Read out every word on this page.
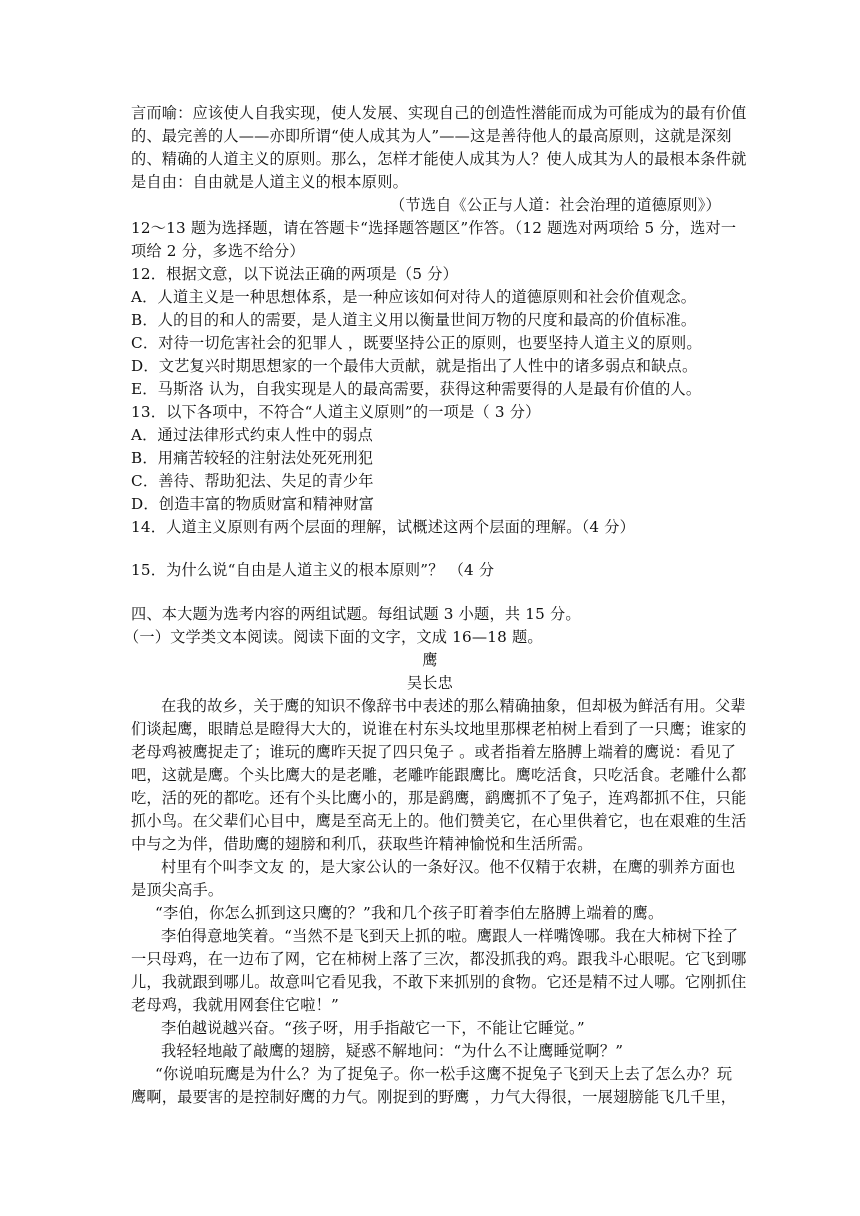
言而喻：应该使人自我实现，使人发展、实现自己的创造性潜能而成为可能成为的最有价值
的、最完善的人——亦即所谓“使人成其为人”——这是善待他人的最高原则，这就是深刻
的、精确的人道主义的原则。那么，怎样才能使人成其为人？使人成其为人的最根本条件就
是自由：自由就是人道主义的根本原则。
（节选自《公正与人道：社会治理的道德原则》）
12～13 题为选择题，请在答题卡“选择题答题区”作答。（12 题选对两项给 5 分，选对一
项给 2 分，多选不给分）
12．根据文意，以下说法正确的两项是（5 分）
A．人道主义是一种思想体系，是一种应该如何对待人的道德原则和社会价值观念。
B．人的目的和人的需要，是人道主义用以衡量世间万物的尺度和最高的价值标准。
C．对待一切危害社会的犯罪人 ，既要坚持公正的原则，也要坚持人道主义的原则。
D．文艺复兴时期思想家的一个最伟大贡献，就是指出了人性中的诸多弱点和缺点。
E．马斯洛 认为，自我实现是人的最高需要，获得这种需要得的人是最有价值的人。
13．以下各项中，不符合“人道主义原则”的一项是（ 3 分）
A．通过法律形式约束人性中的弱点
B．用痛苦较轻的注射法处死死刑犯
C．善待、帮助犯法、失足的青少年
D．创造丰富的物质财富和精神财富
14．人道主义原则有两个层面的理解，试概述这两个层面的理解。（4 分）
15．为什么说“自由是人道主义的根本原则”？ （4 分
四、本大题为选考内容的两组试题。每组试题 3 小题，共 15 分。
（一）文学类文本阅读。阅读下面的文字，文成 16—18 题。
鹰
吴长忠
在我的故乡，关于鹰的知识不像辞书中表述的那么精确抽象，但却极为鲜活有用。父辈
们谈起鹰，眼睛总是瞪得大大的，说谁在村东头坟地里那棵老柏树上看到了一只鹰；谁家的
老母鸡被鹰捉走了；谁玩的鹰昨天捉了四只兔子 。或者指着左胳膊上端着的鹰说：看见了
吧，这就是鹰。个头比鹰大的是老雕，老雕咋能跟鹰比。鹰吃活食，只吃活食。老雕什么都
吃，活的死的都吃。还有个头比鹰小的，那是鹞鹰，鹞鹰抓不了兔子，连鸡都抓不住，只能
抓小鸟。在父辈们心目中，鹰是至高无上的。他们赞美它，在心里供着它，也在艰难的生活
中与之为伴，借助鹰的翅膀和利爪，获取些许精神愉悦和生活所需。
村里有个叫李文友 的，是大家公认的一条好汉。他不仅精于农耕，在鹰的驯养方面也
是顶尖高手。
“李伯，你怎么抓到这只鹰的？”我和几个孩子盯着李伯左胳膊上端着的鹰。
李伯得意地笑着。“当然不是飞到天上抓的啦。鹰跟人一样嘴馋哪。我在大柿树下拴了
一只母鸡，在一边布了网，它在柿树上落了三次，都没抓我的鸡。跟我斗心眼呢。它飞到哪
儿，我就跟到哪儿。故意叫它看见我，不敢下来抓别的食物。它还是精不过人哪。它刚抓住
老母鸡，我就用网套住它啦！”
李伯越说越兴奋。“孩子呀，用手指敲它一下，不能让它睡觉。”
我轻轻地敲了敲鹰的翅膀，疑惑不解地问：“为什么不让鹰睡觉啊？”
“你说咱玩鹰是为什么？为了捉兔子。你一松手这鹰不捉兔子飞到天上去了怎么办？玩
鹰啊，最要害的是控制好鹰的力气。刚捉到的野鹰 ，力气大得很，一展翅膀能飞几千里，
